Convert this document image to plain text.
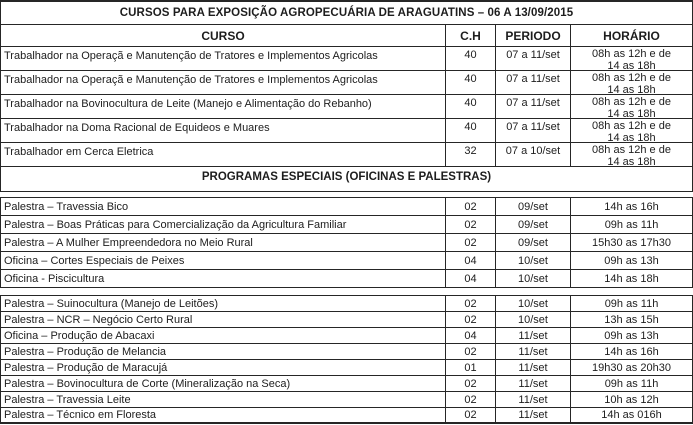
CURSOS PARA EXPOSIÇÃO AGROPECUÁRIA DE ARAGUATINS – 06 A 13/09/2015
CURSO	C.H	PERIODO	HORÁRIO
Trabalhador na Operaçã e Manutenção de Tratores e Implementos Agricolas	40	07 a 11/set	08h as 12h e de
14 as 18h
Trabalhador na Operaçã e Manutenção de Tratores e Implementos Agricolas	40	07 a 11/set	08h as 12h e de
14 as 18h
Trabalhador na Bovinocultura de Leite (Manejo e Alimentação do Rebanho)	40	07 a 11/set	08h as 12h e de
14 as 18h
Trabalhador na Doma Racional de Equideos e Muares	40	07 a 11/set	08h as 12h e de
14 as 18h
Trabalhador em Cerca Eletrica	32	07 a 10/set	08h as 12h e de
14 as 18h
PROGRAMAS ESPECIAIS (OFICINAS E PALESTRAS)
Palestra – Travessia Bico	02	09/set	14h as 16h
Palestra – Boas Práticas para Comercialização da Agricultura Familiar	02	09/set	09h as 11h
Palestra – A Mulher Empreendedora no Meio Rural	02	09/set	15h30 as 17h30
Oficina – Cortes Especiais de Peixes	04	10/set	09h as 13h
Oficina - Piscicultura	04	10/set	14h as 18h
Palestra – Suinocultura (Manejo de Leitões)	02	10/set	09h as 11h
Palestra – NCR – Negócio Certo Rural	02	10/set	13h as 15h
Oficina – Produção de Abacaxi	04	11/set	09h as 13h
Palestra – Produção de Melancia	02	11/set	14h as 16h
Palestra – Produção de Maracujá	01	11/set	19h30 as 20h30
Palestra – Bovinocultura de Corte (Mineralização na Seca)	02	11/set	09h as 11h
Palestra – Travessia Leite	02	11/set	10h as 12h
Palestra – Técnico em Floresta	02	11/set	14h as 016h
